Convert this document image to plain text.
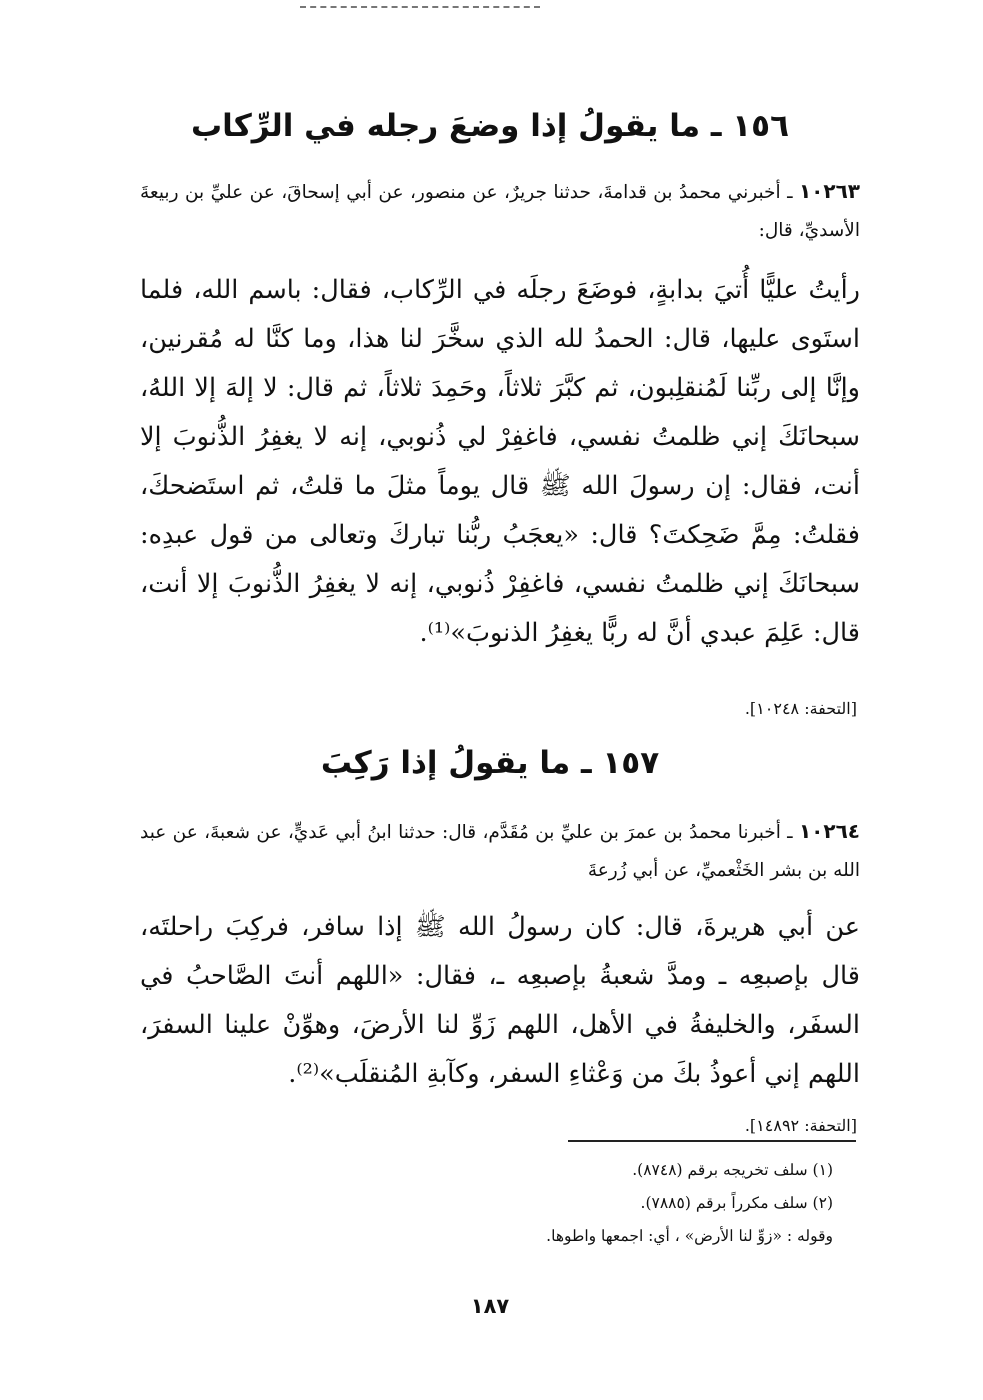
١٥٦ ـ ما يقولُ إذا وضعَ رجله في الرِّكاب
١٠٢٦٣ ـ أخبرني محمدُ بن قدامةَ، حدثنا جريرٌ، عن منصور، عن أبي إسحاقَ، عن عليِّ بن ربيعةَ الأسديِّ، قال:
رأيتُ عليًّا أُتيَ بدابةٍ، فوضَعَ رجلَه في الرِّكاب، فقال: باسم الله، فلما استَوى عليها، قال: الحمدُ لله الذي سخَّرَ لنا هذا، وما كنَّا له مُقرنين، وإنَّا إلى ربِّنا لَمُنقلِبون، ثم كبَّرَ ثلاثاً، وحَمِدَ ثلاثاً، ثم قال: لا إلهَ إلا اللهُ، سبحانَكَ إني ظلمتُ نفسي، فاغفِرْ لي ذُنوبي، إنه لا يغفِرُ الذُّنوبَ إلا أنت، فقال: إن رسولَ الله ﷺ قال يوماً مثلَ ما قلتُ، ثم استَضحكَ، فقلتُ: مِمَّ ضَحِكتَ؟ قال: «يعجَبُ ربُّنا تباركَ وتعالى من قول عبدِه: سبحانَكَ إني ظلمتُ نفسي، فاغفِرْ ذُنوبي، إنه لا يغفِرُ الذُّنوبَ إلا أنت، قال: عَلِمَ عبدي أنَّ له ربًّا يغفِرُ الذنوبَ»⁽¹⁾.
[التحفة: ١٠٢٤٨].
١٥٧ ـ ما يقولُ إذا رَكِبَ
١٠٢٦٤ ـ أخبرنا محمدُ بن عمرَ بن عليِّ بن مُقَدَّم، قال: حدثنا ابنُ أبي عَديٍّ، عن شعبةَ، عن عبد الله بن بشر الخَثْعميِّ، عن أبي زُرعةَ
عن أبي هريرةَ، قال: كان رسولُ الله ﷺ إذا سافر، فركِبَ راحلتَه، قال بإصبعِه ـ ومدَّ شعبةُ بإصبعِه ـ، فقال: «اللهم أنتَ الصَّاحبُ في السفَر، والخليفةُ في الأهل، اللهم زَوِّ لنا الأرضَ، وهوِّنْ علينا السفرَ، اللهم إني أعوذُ بكَ من وَعْثاءِ السفر، وكآبةِ المُنقلَب»⁽²⁾.
[التحفة: ١٤٨٩٢].
(١) سلف تخريجه برقم (٨٧٤٨).
(٢) سلف مكرراً برقم (٧٨٨٥).
وقوله : «زوِّ لنا الأرض» ، أي: اجمعها واطوها.
١٨٧
